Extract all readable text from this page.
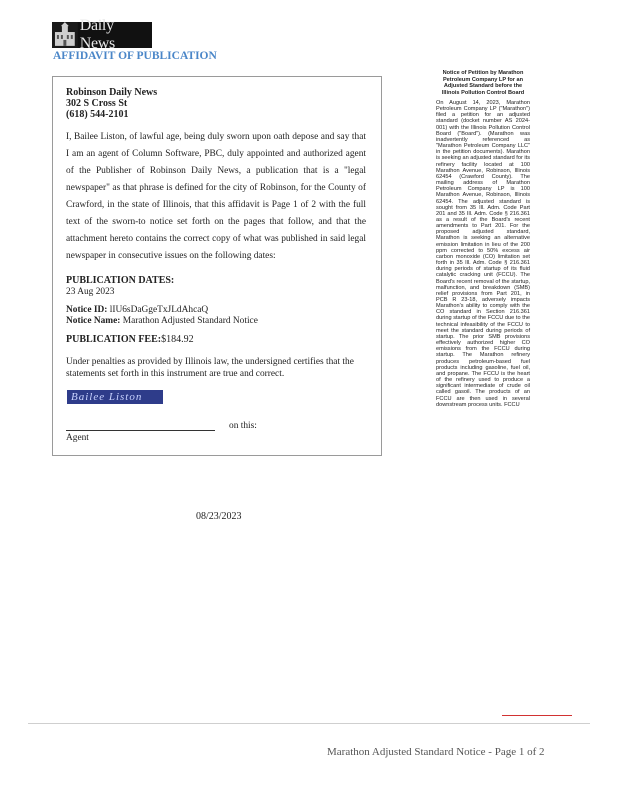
Daily News
AFFIDAVIT OF PUBLICATION
Robinson Daily News
302 S Cross St
(618) 544-2101
I, Bailee Liston, of lawful age, being duly sworn upon oath depose and say that I am an agent of Column Software, PBC, duly appointed and authorized agent of the Publisher of Robinson Daily News, a publication that is a "legal newspaper" as that phrase is defined for the city of Robinson, for the County of Crawford, in the state of Illinois, that this affidavit is Page 1 of 2 with the full text of the sworn-to notice set forth on the pages that follow, and that the attachment hereto contains the correct copy of what was published in said legal newspaper in consecutive issues on the following dates:
PUBLICATION DATES:
23 Aug 2023
Notice ID: lIU6sDaGgeTxJLdAhcaQ
Notice Name: Marathon Adjusted Standard Notice
PUBLICATION FEE:$184.92
Under penalties as provided by Illinois law, the undersigned certifies that the statements set forth in this instrument are true and correct.
Bailee Liston
on this:
Agent
08/23/2023
Notice of Petition by Marathon Petroleum Company LP for an Adjusted Standard before the Illinois Pollution Control Board
On August 14, 2023, Marathon Petroleum Company LP ("Marathon") filed a petition for an adjusted standard (docket number AS 2024-001) with the Illinois Pollution Control Board ("Board"). (Marathon was inadvertently referenced as "Marathon Petroleum Company LLC" in the petition documents). Marathon is seeking an adjusted standard for its refinery facility located at 100 Marathon Avenue, Robinson, Illinois 62454 (Crawford County). The mailing address of Marathon Petroleum Company LP is 100 Marathon Avenue, Robinson, Illinois 62454. The adjusted standard is sought from 35 Ill. Adm. Code Part 201 and 35 Ill. Adm. Code § 216.361 as a result of the Board's recent amendments to Part 201. For the proposed adjusted standard, Marathon is seeking an alternative emission limitation in lieu of the 200 ppm corrected to 50% excess air carbon monoxide (CO) limitation set forth in 35 Ill. Adm. Code § 216.361 during periods of startup of its fluid catalytic cracking unit (FCCU). The Board's recent removal of the startup, malfunction, and breakdown (SMB) relief provisions from Part 201, in PCB R 23-18, adversely impacts Marathon's ability to comply with the CO standard in Section 216.361 during startup of the FCCU due to the technical infeasibility of the FCCU to meet the standard during periods of startup. The prior SMB provisions effectively authorized higher CO emissions from the FCCU during startup. The Marathon refinery produces petroleum-based fuel products including gasoline, fuel oil, and propane. The FCCU is the heart of the refinery used to produce a significant intermediate of crude oil called gasoil. The products of an FCCU are then used in several downstream process units. FCCU
Marathon Adjusted Standard Notice - Page 1 of 2
